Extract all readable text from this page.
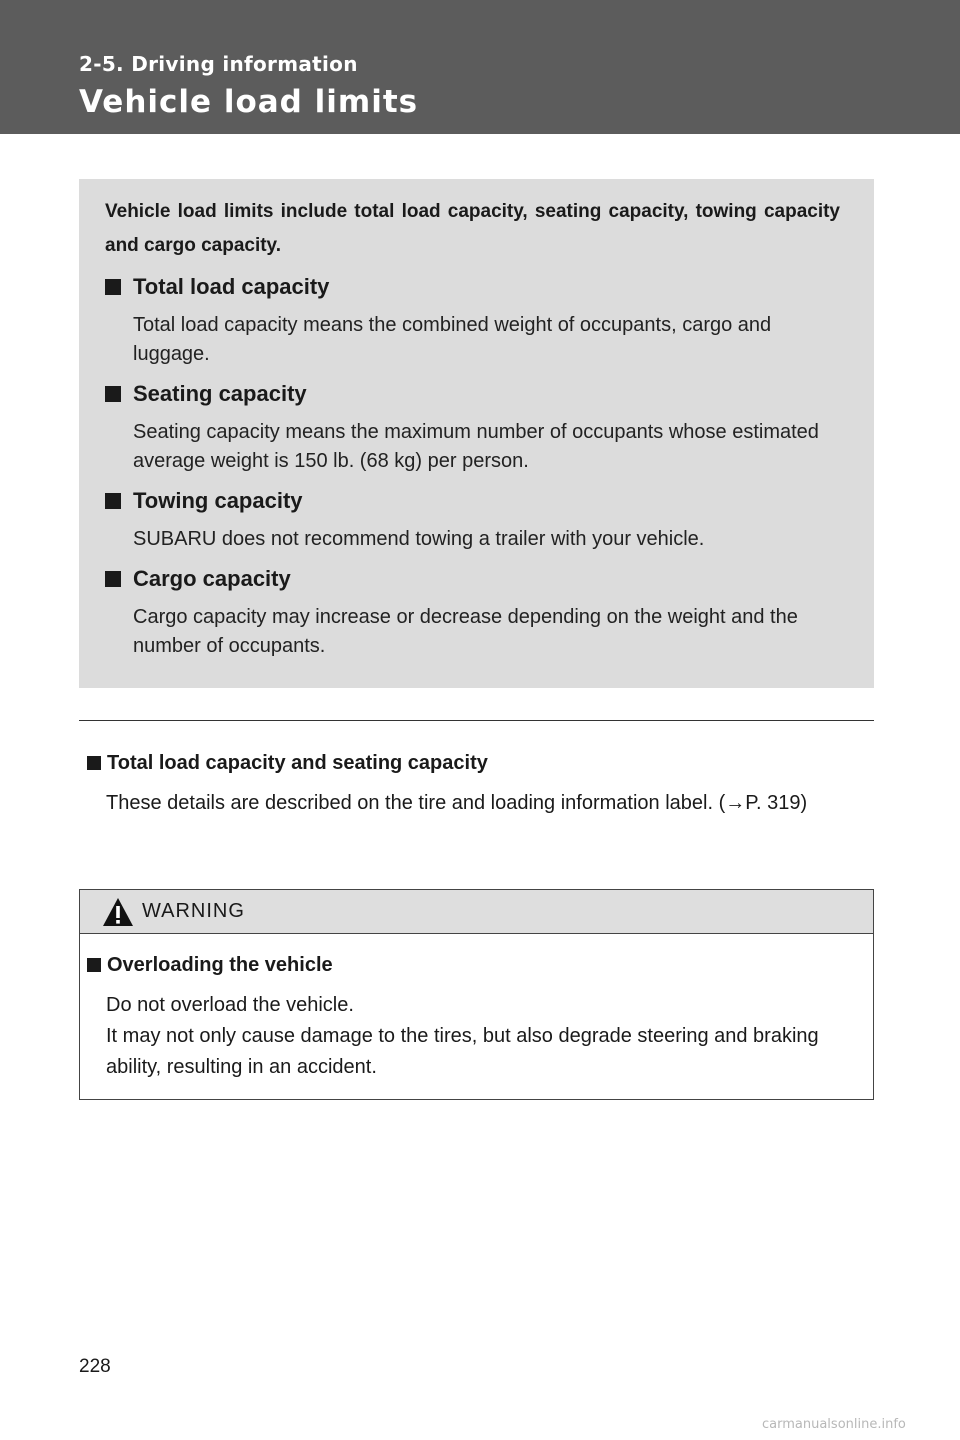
2-5. Driving information
Vehicle load limits
Vehicle load limits include total load capacity, seating capacity, towing capacity and cargo capacity.
Total load capacity
Total load capacity means the combined weight of occupants, cargo and luggage.
Seating capacity
Seating capacity means the maximum number of occupants whose estimated average weight is 150 lb. (68 kg) per person.
Towing capacity
SUBARU does not recommend towing a trailer with your vehicle.
Cargo capacity
Cargo capacity may increase or decrease depending on the weight and the number of occupants.
Total load capacity and seating capacity
These details are described on the tire and loading information label. (→P. 319)
WARNING
Overloading the vehicle
Do not overload the vehicle.
It may not only cause damage to the tires, but also degrade steering and braking ability, resulting in an accident.
228
carmanualsonline.info
